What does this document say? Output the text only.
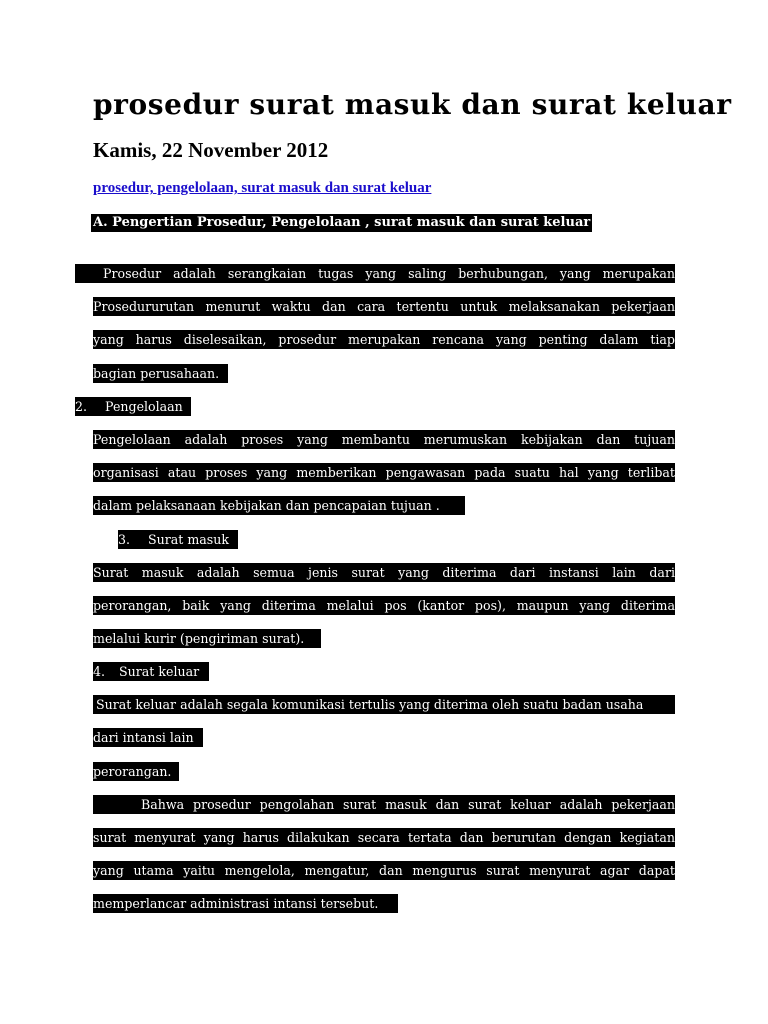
prosedur surat masuk dan surat keluar
Kamis, 22 November 2012
prosedur, pengelolaan, surat masuk dan surat keluar
A. Pengertian Prosedur, Pengelolaan , surat masuk dan surat keluar
Prosedur adalah serangkaian tugas yang saling berhubungan, yang merupakan
Prosedururutan menurut waktu dan cara tertentu untuk melaksanakan pekerjaan
yang harus diselesaikan, prosedur merupakan rencana yang penting dalam tiap
bagian perusahaan.
2. Pengelolaan
Pengelolaan adalah proses yang membantu merumuskan kebijakan dan tujuan
organisasi atau proses yang memberikan pengawasan pada suatu hal yang terlibat
dalam pelaksanaan kebijakan dan pencapaian tujuan .
3. Surat masuk
Surat masuk adalah semua jenis surat yang diterima dari instansi lain dari
perorangan, baik yang diterima melalui pos (kantor pos), maupun yang diterima
melalui kurir (pengiriman surat).
4. Surat keluar
Surat keluar adalah segala komunikasi tertulis yang diterima oleh suatu badan usaha
dari intansi lain
perorangan.
Bahwa prosedur pengolahan surat masuk dan surat keluar adalah pekerjaan
surat menyurat yang harus dilakukan secara tertata dan berurutan dengan kegiatan
yang utama yaitu mengelola, mengatur, dan mengurus surat menyurat agar dapat
memperlancar administrasi intansi tersebut.
